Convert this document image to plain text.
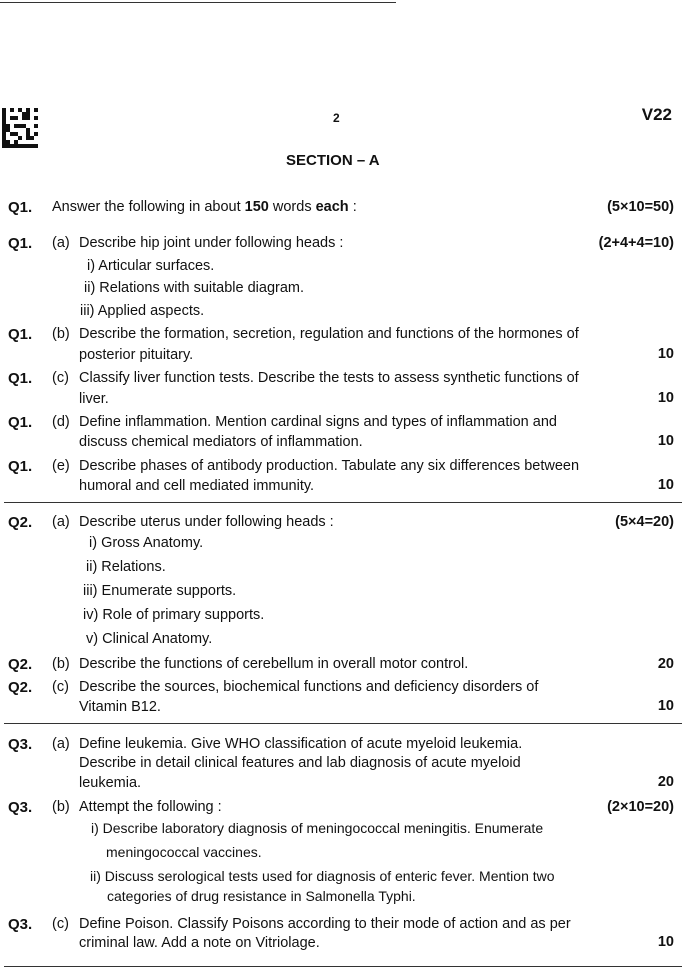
2	V22
SECTION – A
Q1. Answer the following in about 150 words each :	(5×10=50)
Q1. (a) Describe hip joint under following heads :	(2+4+4=10)
i) Articular surfaces.
ii) Relations with suitable diagram.
iii) Applied aspects.
Q1. (b) Describe the formation, secretion, regulation and functions of the hormones of
posterior pituitary.	10
Q1. (c) Classify liver function tests. Describe the tests to assess synthetic functions of
liver.	10
Q1. (d) Define inflammation. Mention cardinal signs and types of inflammation and
discuss chemical mediators of inflammation.	10
Q1. (e) Describe phases of antibody production. Tabulate any six differences between
humoral and cell mediated immunity.	10
Q2. (a) Describe uterus under following heads :	(5×4=20)
i) Gross Anatomy.
ii) Relations.
iii) Enumerate supports.
iv) Role of primary supports.
v) Clinical Anatomy.
Q2. (b) Describe the functions of cerebellum in overall motor control.	20
Q2. (c) Describe the sources, biochemical functions and deficiency disorders of
Vitamin B12.	10
Q3. (a) Define leukemia. Give WHO classification of acute myeloid leukemia.
Describe in detail clinical features and lab diagnosis of acute myeloid
leukemia.	20
Q3. (b) Attempt the following :	(2×10=20)
i) Describe laboratory diagnosis of meningococcal meningitis. Enumerate
meningococcal vaccines.
ii) Discuss serological tests used for diagnosis of enteric fever. Mention two
categories of drug resistance in Salmonella Typhi.
Q3. (c) Define Poison. Classify Poisons according to their mode of action and as per
criminal law. Add a note on Vitriolage.	10
